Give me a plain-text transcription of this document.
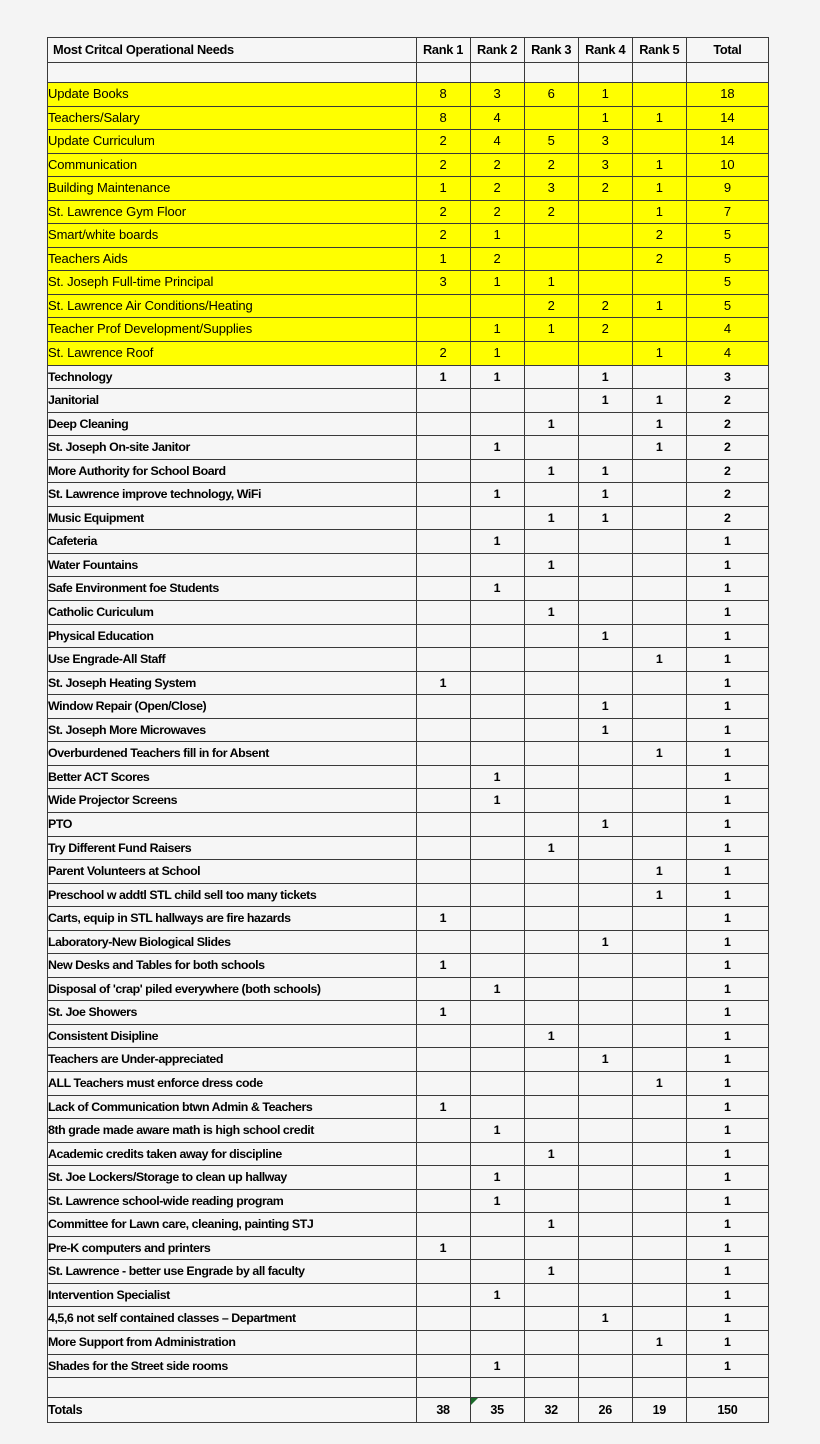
Most Critcal Operational Needs	Rank 1	Rank 2	Rank 3	Rank 4	Rank 5	Total

Update Books	8	3	6	1		18
Teachers/Salary	8	4		1	1	14
Update Curriculum	2	4	5	3		14
Communication	2	2	2	3	1	10
Building Maintenance	1	2	3	2	1	9
St. Lawrence Gym Floor	2	2	2		1	7
Smart/white boards	2	1			2	5
Teachers Aids	1	2			2	5
St. Joseph Full-time Principal	3	1	1			5
St. Lawrence Air Conditions/Heating			2	2	1	5
Teacher Prof Development/Supplies		1	1	2		4
St. Lawrence Roof	2	1			1	4
Technology	1	1		1		3
Janitorial				1	1	2
Deep Cleaning			1		1	2
St. Joseph On-site Janitor		1			1	2
More Authority for School Board			1	1		2
St. Lawrence improve technology, WiFi		1		1		2
Music Equipment			1	1		2
Cafeteria		1				1
Water Fountains			1			1
Safe Environment foe Students		1				1
Catholic Curiculum			1			1
Physical Education				1		1
Use Engrade-All Staff					1	1
St. Joseph Heating System	1					1
Window Repair (Open/Close)				1		1
St. Joseph More Microwaves				1		1
Overburdened Teachers fill in for Absent					1	1
Better ACT Scores		1				1
Wide Projector Screens		1				1
PTO				1		1
Try Different Fund Raisers			1			1
Parent Volunteers at School					1	1
Preschool w addtl STL child sell too many tickets					1	1
Carts, equip in STL hallways are fire hazards	1					1
Laboratory-New Biological Slides				1		1
New Desks and Tables for both schools	1					1
Disposal of 'crap' piled everywhere (both schools)		1				1
St. Joe Showers	1					1
Consistent Disipline			1			1
Teachers are Under-appreciated				1		1
ALL Teachers must enforce dress code					1	1
Lack of Communication btwn Admin & Teachers	1					1
8th grade made aware math is high school credit		1				1
Academic credits taken away for discipline			1			1
St. Joe Lockers/Storage to clean up hallway		1				1
St. Lawrence school-wide reading program		1				1
Committee for Lawn care, cleaning, painting STJ			1			1
Pre-K computers and printers	1					1
St. Lawrence - better use Engrade by all faculty			1			1
Intervention Specialist		1				1
4,5,6 not self contained classes – Department				1		1
More Support from Administration					1	1
Shades for the Street side rooms		1				1

Totals	38	35	32	26	19	150
